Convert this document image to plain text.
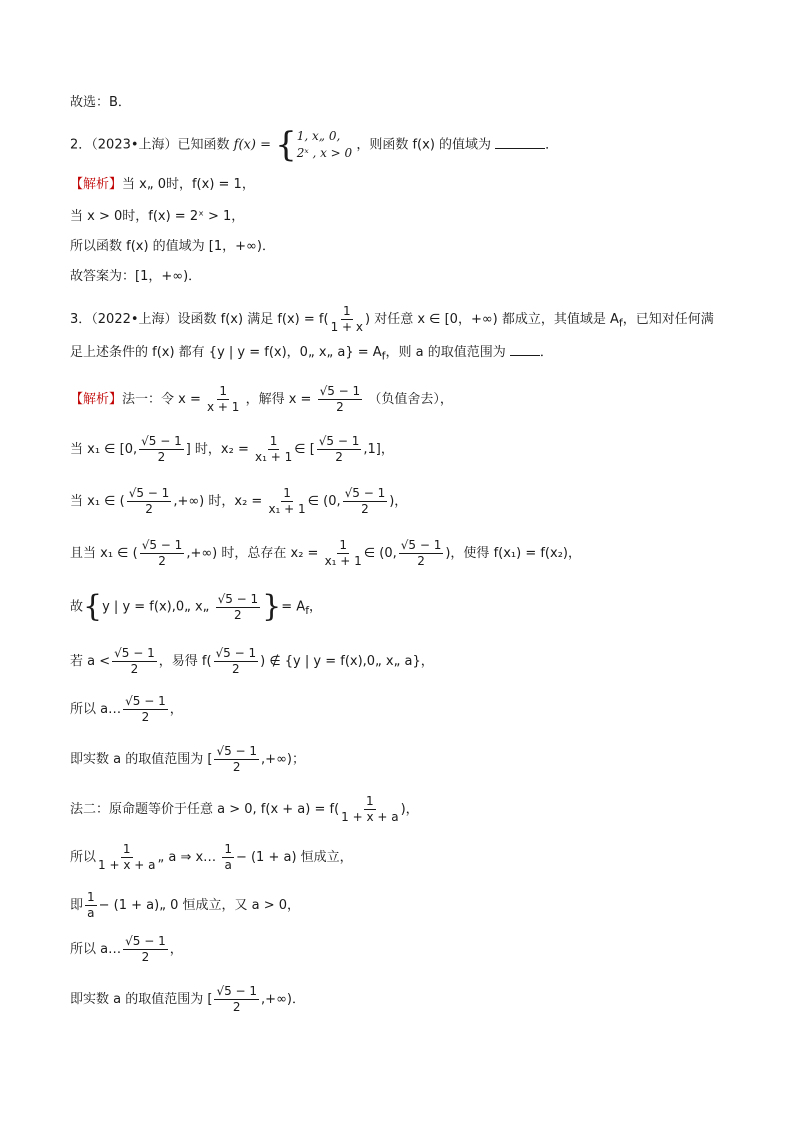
故选：B．
2．（2023•上海）已知函数 f(x) = { 1, x„ 0,
2ˣ , x > 0
，则函数 f(x) 的值域为	．
【解析】当 x„ 0时，f(x) = 1，
当 x > 0时，f(x) = 2ˣ > 1，
所以函数 f(x) 的值域为 [1，+∞)．
故答案为：[1，+∞)．
3．（2022•上海）设函数 f(x) 满足 $f(x) = f( \frac{1}{1 + x}$ ) 对任意 x ∈ [0，+∞) 都成立，其值域是 $A_f$，已知对任何满
足上述条件的 f(x) 都有 {y | y = f(x)，0„ x„ $a\} = A_f$，则 a 的取值范围为	．
【解析】法一：令 $x = \frac{1}{x + 1}$ ，解得 $x = \frac{√5 - 1}{2}$ （负值舍去），
当 x₁ ∈ [0, $\frac{√5 - 1}{2}$ ] 时，$x_2 = \frac{1}{\text{x₁ + 1}}$ ∈ [ $\frac{√5 - 1}{2} ,1$]，
当 x₁ ∈ ( $\frac{√5 - 1}{2}$ ,+∞) 时，$x_2 = \frac{1}{\text{x₁ + 1}}$ ∈ (0, $\frac{√5 - 1}{2}$ )，
且当 x₁ ∈ ( $\frac{√5 - 1}{2}$ ,+∞) 时，总存在 $x_2 = \frac{1}{\text{x₁ + 1}}$ ∈ (0, $\frac{√5 - 1}{2}$ )，使得 f(x₁) = f(x₂)，
故{y | y = f(x),0„ x„ $\frac{√5 - 1}{2}$ }= $A_f$，
若 $a < \frac{√5 - 1}{2}$ ，易得 $f( \frac{√5 - 1}{2}$ ) ∉ {y | y = f(x),0„ x„ a}，
所以 a… $\frac{√5 - 1}{2}$ ，
即实数 a 的取值范围为 [ $\frac{√5 - 1}{2}$ ,+∞)；
法二：原命题等价于任意 a > 0, $f(x + a) = f( \frac{1}{1 + x + a}$ )，
所以 $\frac{1}{1 + x + a}$ „ a ⇒ x… $\frac{1}{a} - (1 + a)$ 恒成立，
即 $\frac{1}{a} - (1$ + a)„ 0 恒成立，又 a > 0，
所以 a… $\frac{√5 - 1}{2}$ ，
即实数 a 的取值范围为 [ $\frac{√5 - 1}{2}$ ,+∞)．
